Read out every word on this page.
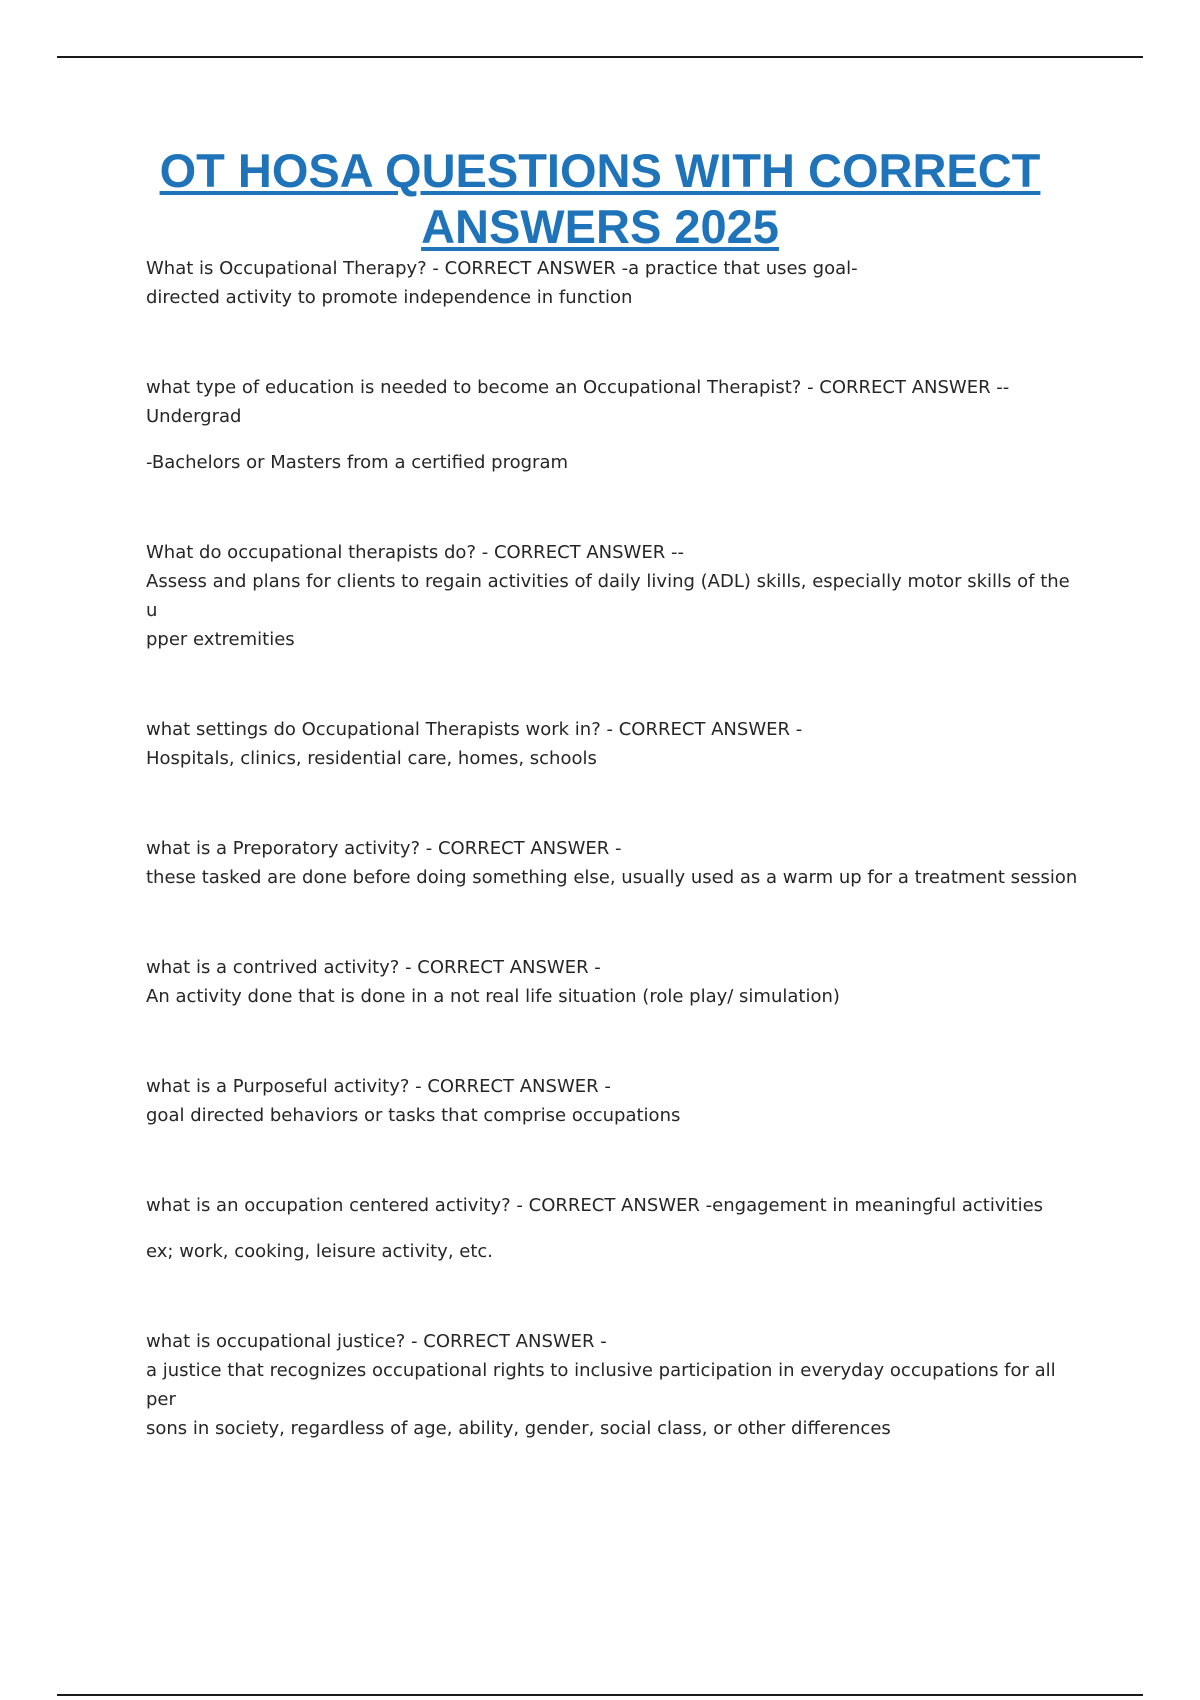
OT HOSA QUESTIONS WITH CORRECT ANSWERS 2025

What is Occupational Therapy? - CORRECT ANSWER -a practice that uses goal-
directed activity to promote independence in function

what type of education is needed to become an Occupational Therapist? - CORRECT ANSWER --
Undergrad

-Bachelors or Masters from a certified program

What do occupational therapists do? - CORRECT ANSWER --
Assess and plans for clients to regain activities of daily living (ADL) skills, especially motor skills of the u
pper extremities

what settings do Occupational Therapists work in? - CORRECT ANSWER -
Hospitals, clinics, residential care, homes, schools

what is a Preporatory activity? - CORRECT ANSWER -
these tasked are done before doing something else, usually used as a warm up for a treatment session

what is a contrived activity? - CORRECT ANSWER -
An activity done that is done in a not real life situation (role play/ simulation)

what is a Purposeful activity? - CORRECT ANSWER -
goal directed behaviors or tasks that comprise occupations

what is an occupation centered activity? - CORRECT ANSWER -engagement in meaningful activities

ex; work, cooking, leisure activity, etc.

what is occupational justice? - CORRECT ANSWER -
a justice that recognizes occupational rights to inclusive participation in everyday occupations for all per
sons in society, regardless of age, ability, gender, social class, or other differences
